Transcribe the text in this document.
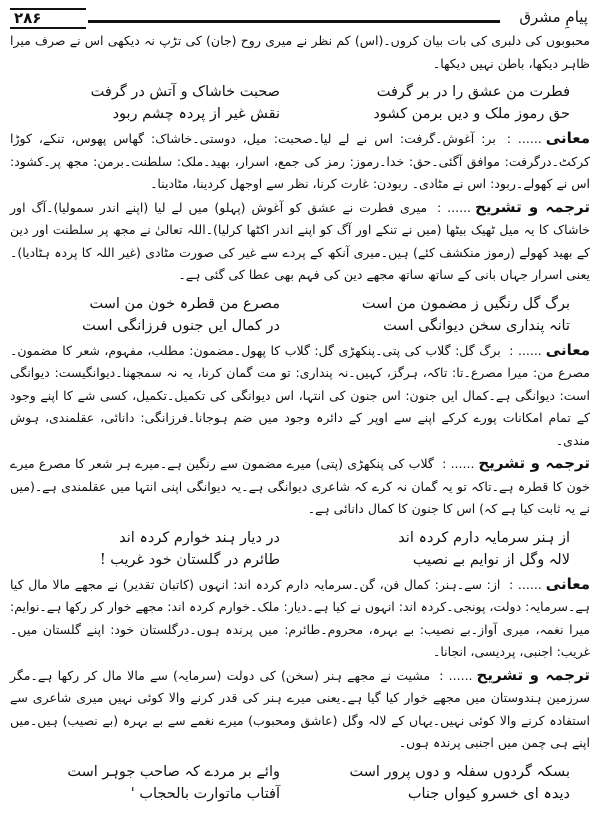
۲۸۶	پیامِ مشرق

محبوبوں کی دلبری کی بات بیان کروں۔(اس) کم نظر نے میری روح (جان) کی تڑپ نہ دیکھی اس نے صرف میرا ظاہر دیکھا، باطن نہیں دیکھا۔

فطرت من عشق را در بر گرفت
صحبت خاشاک و آتش در گرفت
حق رموز ملک و دیں برمن کشود
نقش غیر از پردہ چشم ربود

معانی...... : بر: آغوش۔گرفت: اس نے لے لیا۔صحبت: میل، دوستی۔خاشاک: گھاس پھوس، تنکے، کوڑا کرکٹ۔درگرفت: موافق آگئی۔حق: خدا۔رموز: رمز کی جمع، اسرار، بھید۔ملک: سلطنت۔برمن: مجھ پر۔کشود: اس نے کھولے۔ربود: اس نے مٹادی۔ ربودن: غارت کرنا، نظر سے اوجھل کردینا، مٹادینا۔

ترجمہ و تشریح...... : میری فطرت نے عشق کو آغوش (پہلو) میں لے لیا (اپنے اندر سمولیا)۔آگ اور خاشاک کا یہ میل ٹھیک بیٹھا (میں نے تنکے اور آگ کو اپنے اندر اکٹھا کرلیا)۔اللہ تعالیٰ نے مجھ پر سلطنت اور دین کے بھید کھولے (رموز منکشف کئے) ہیں۔میری آنکھ کے پردے سے غیر کی صورت مٹادی (غیر اللہ کا پردہ ہٹادیا)۔یعنی اسرار جہاں بانی کے ساتھ ساتھ مجھے دین کی فہم بھی عطا کی گئی ہے۔

برگ گل رنگیں ز مضمون من است
مصرع من قطرہ خون من است
تانہ پنداری سخن دیوانگی است
در کمال ایں جنوں فرزانگی است

معانی...... : برگ گل: گلاب کی پتی۔پنکھڑی گل: گلاب کا پھول۔مضمون: مطلب، مفہوم، شعر کا مضمون۔مصرع من: میرا مصرع۔تا: تاکہ، ہرگز، کہیں۔نہ پنداری: تو مت گمان کرنا، یہ نہ سمجھنا۔دیوانگیست: دیوانگی است: دیوانگی ہے۔کمال ایں جنون: اس جنون کی انتہا، اس دیوانگی کی تکمیل۔تکمیل، کسی شے کا اپنے وجود کے تمام امکانات پورے کرکے اپنے سے اوپر کے دائرہ وجود میں ضم ہوجانا۔فرزانگی: دانائی، عقلمندی، ہوش مندی۔

ترجمہ و تشریح...... : گلاب کی پنکھڑی (پتی) میرے مضمون سے رنگین ہے۔میرے ہر شعر کا مصرع میرے خون کا قطرہ ہے۔تاکہ تو یہ گمان نہ کرے کہ شاعری دیوانگی ہے۔یہ دیوانگی اپنی انتہا میں عقلمندی ہے۔(میں نے یہ ثابت کیا ہے کہ) اس کا جنون کا کمال دانائی ہے۔

از ہنر سرمایہ دارم کردہ اند
در دیار ہند خوارم کردہ اند
لالہ وگل از نوایم بے نصیب
طائرم در گلستان خود غریب !

معانی...... : از: سے۔ہنر: کمال فن، گن۔سرمایہ دارم کردہ اند: انہوں (کاتبان تقدیر) نے مجھے مالا مال کیا ہے۔سرمایہ: دولت، پونجی۔کردہ اند: انہوں نے کیا ہے۔دیار: ملک۔خوارم کردہ اند: مجھے خوار کر رکھا ہے۔نوایم: میرا نغمہ، میری آواز۔بے نصیب: بے بہرہ، محروم۔طائرم: میں پرندہ ہوں۔درگلستان خود: اپنے گلستان میں۔غریب: اجنبی، پردیسی، انجانا۔

ترجمہ و تشریح...... : مشیت نے مجھے ہنر (سخن) کی دولت (سرمایہ) سے مالا مال کر رکھا ہے۔مگر سرزمین ہندوستان میں مجھے خوار کیا گیا ہے۔یعنی میرے ہنر کی قدر کرنے والا کوئی نہیں میری شاعری سے استفادہ کرنے والا کوئی نہیں۔یہاں کے لالہ وگل (عاشق ومحبوب) میرے نغمے سے بے بہرہ (بے نصیب) ہیں۔میں اپنے ہی چمن میں اجنبی پرندہ ہوں۔

بسکہ گردوں سفلہ و دوں پرور است
وائے بر مردے کہ صاحب جوہر است
دیدہ ای خسرو کیواں جناب
آفتاب ماتوارت بالحجاب '
